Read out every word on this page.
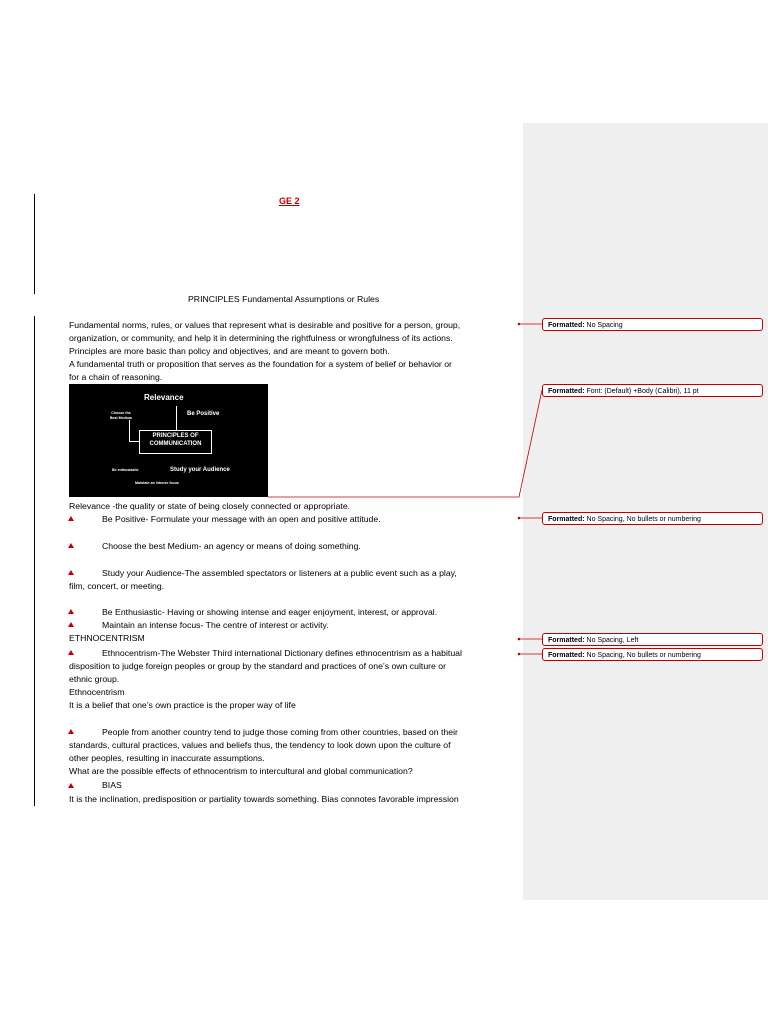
GE 2
PRINCIPLES Fundamental Assumptions or Rules
Fundamental norms, rules, or values that represent what is desirable and positive for a person, group,
organization, or community, and help it in determining the rightfulness or wrongfulness of its actions.
Principles are more basic than policy and objectives, and are meant to govern both.
A fundamental truth or proposition that serves as the foundation for a system of belief or behavior or
for a chain of reasoning.
Relevance
Choose the Best Medium
Be Positive
PRINCIPLES OF COMMUNICATION
Be enthusiastic	Study your Audience
Maintain an intense focus
Relevance -the quality or state of being closely connected or appropriate.
Be Positive- Formulate your message with an open and positive attitude.
Choose the best Medium- an agency or means of doing something.
Study your Audience-The assembled spectators or listeners at a public event such as a play,
film, concert, or meeting.
Be Enthusiastic- Having or showing intense and eager enjoyment, interest, or approval.
Maintain an intense focus- The centre of interest or activity.
ETHNOCENTRISM
Ethnocentrism-The Webster Third international Dictionary defines ethnocentrism as a habitual
disposition to judge foreign peoples or group by the standard and practices of one’s own culture or
ethnic group.
Ethnocentrism
It is a belief that one’s own practice is the proper way of life
People from another country tend to judge those coming from other countries, based on their
standards, cultural practices, values and beliefs thus, the tendency to look down upon the culture of
other peoples, resulting in inaccurate assumptions.
What are the possible effects of ethnocentrism to intercultural and global communication?
BIAS
It is the inclination, predisposition or partiality towards something. Bias connotes favorable impression
Formatted: No Spacing
Formatted: Font: (Default) +Body (Calibri), 11 pt
Formatted: No Spacing, No bullets or numbering
Formatted: No Spacing, Left
Formatted: No Spacing, No bullets or numbering
